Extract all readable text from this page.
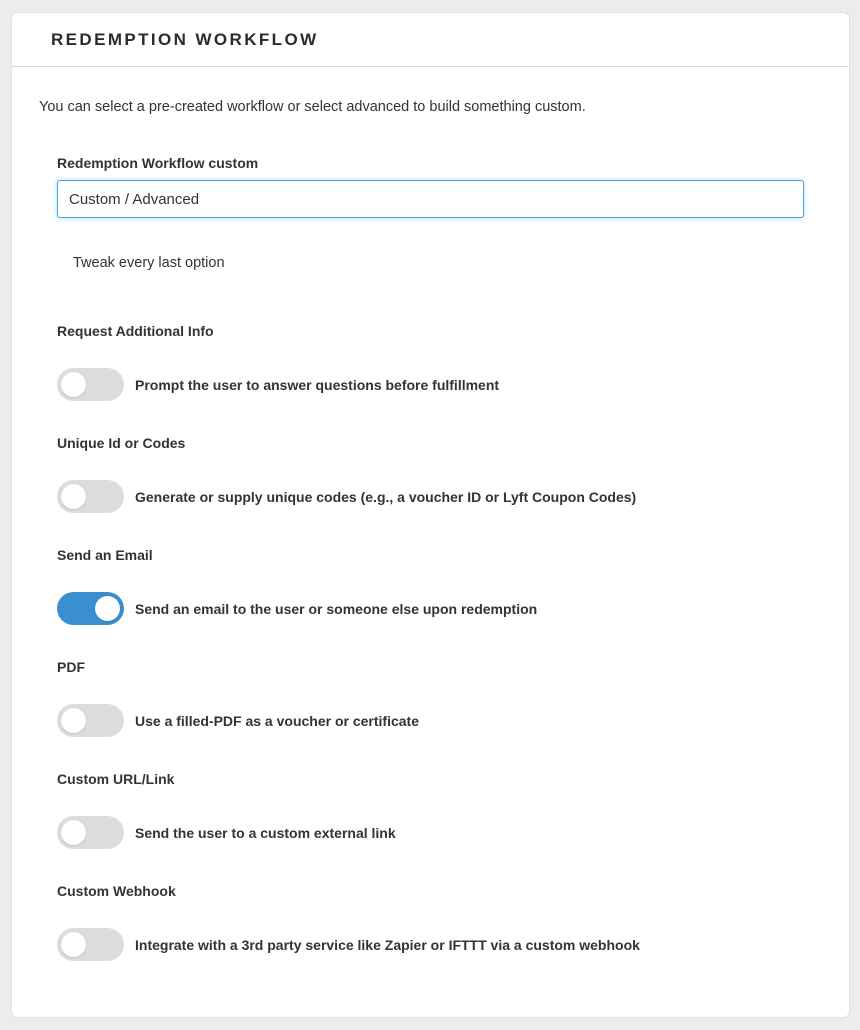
REDEMPTION WORKFLOW
You can select a pre-created workflow or select advanced to build something custom.
Redemption Workflow custom
Custom / Advanced
Tweak every last option
Request Additional Info
Prompt the user to answer questions before fulfillment
Unique Id or Codes
Generate or supply unique codes (e.g., a voucher ID or Lyft Coupon Codes)
Send an Email
Send an email to the user or someone else upon redemption
PDF
Use a filled-PDF as a voucher or certificate
Custom URL/Link
Send the user to a custom external link
Custom Webhook
Integrate with a 3rd party service like Zapier or IFTTT via a custom webhook
